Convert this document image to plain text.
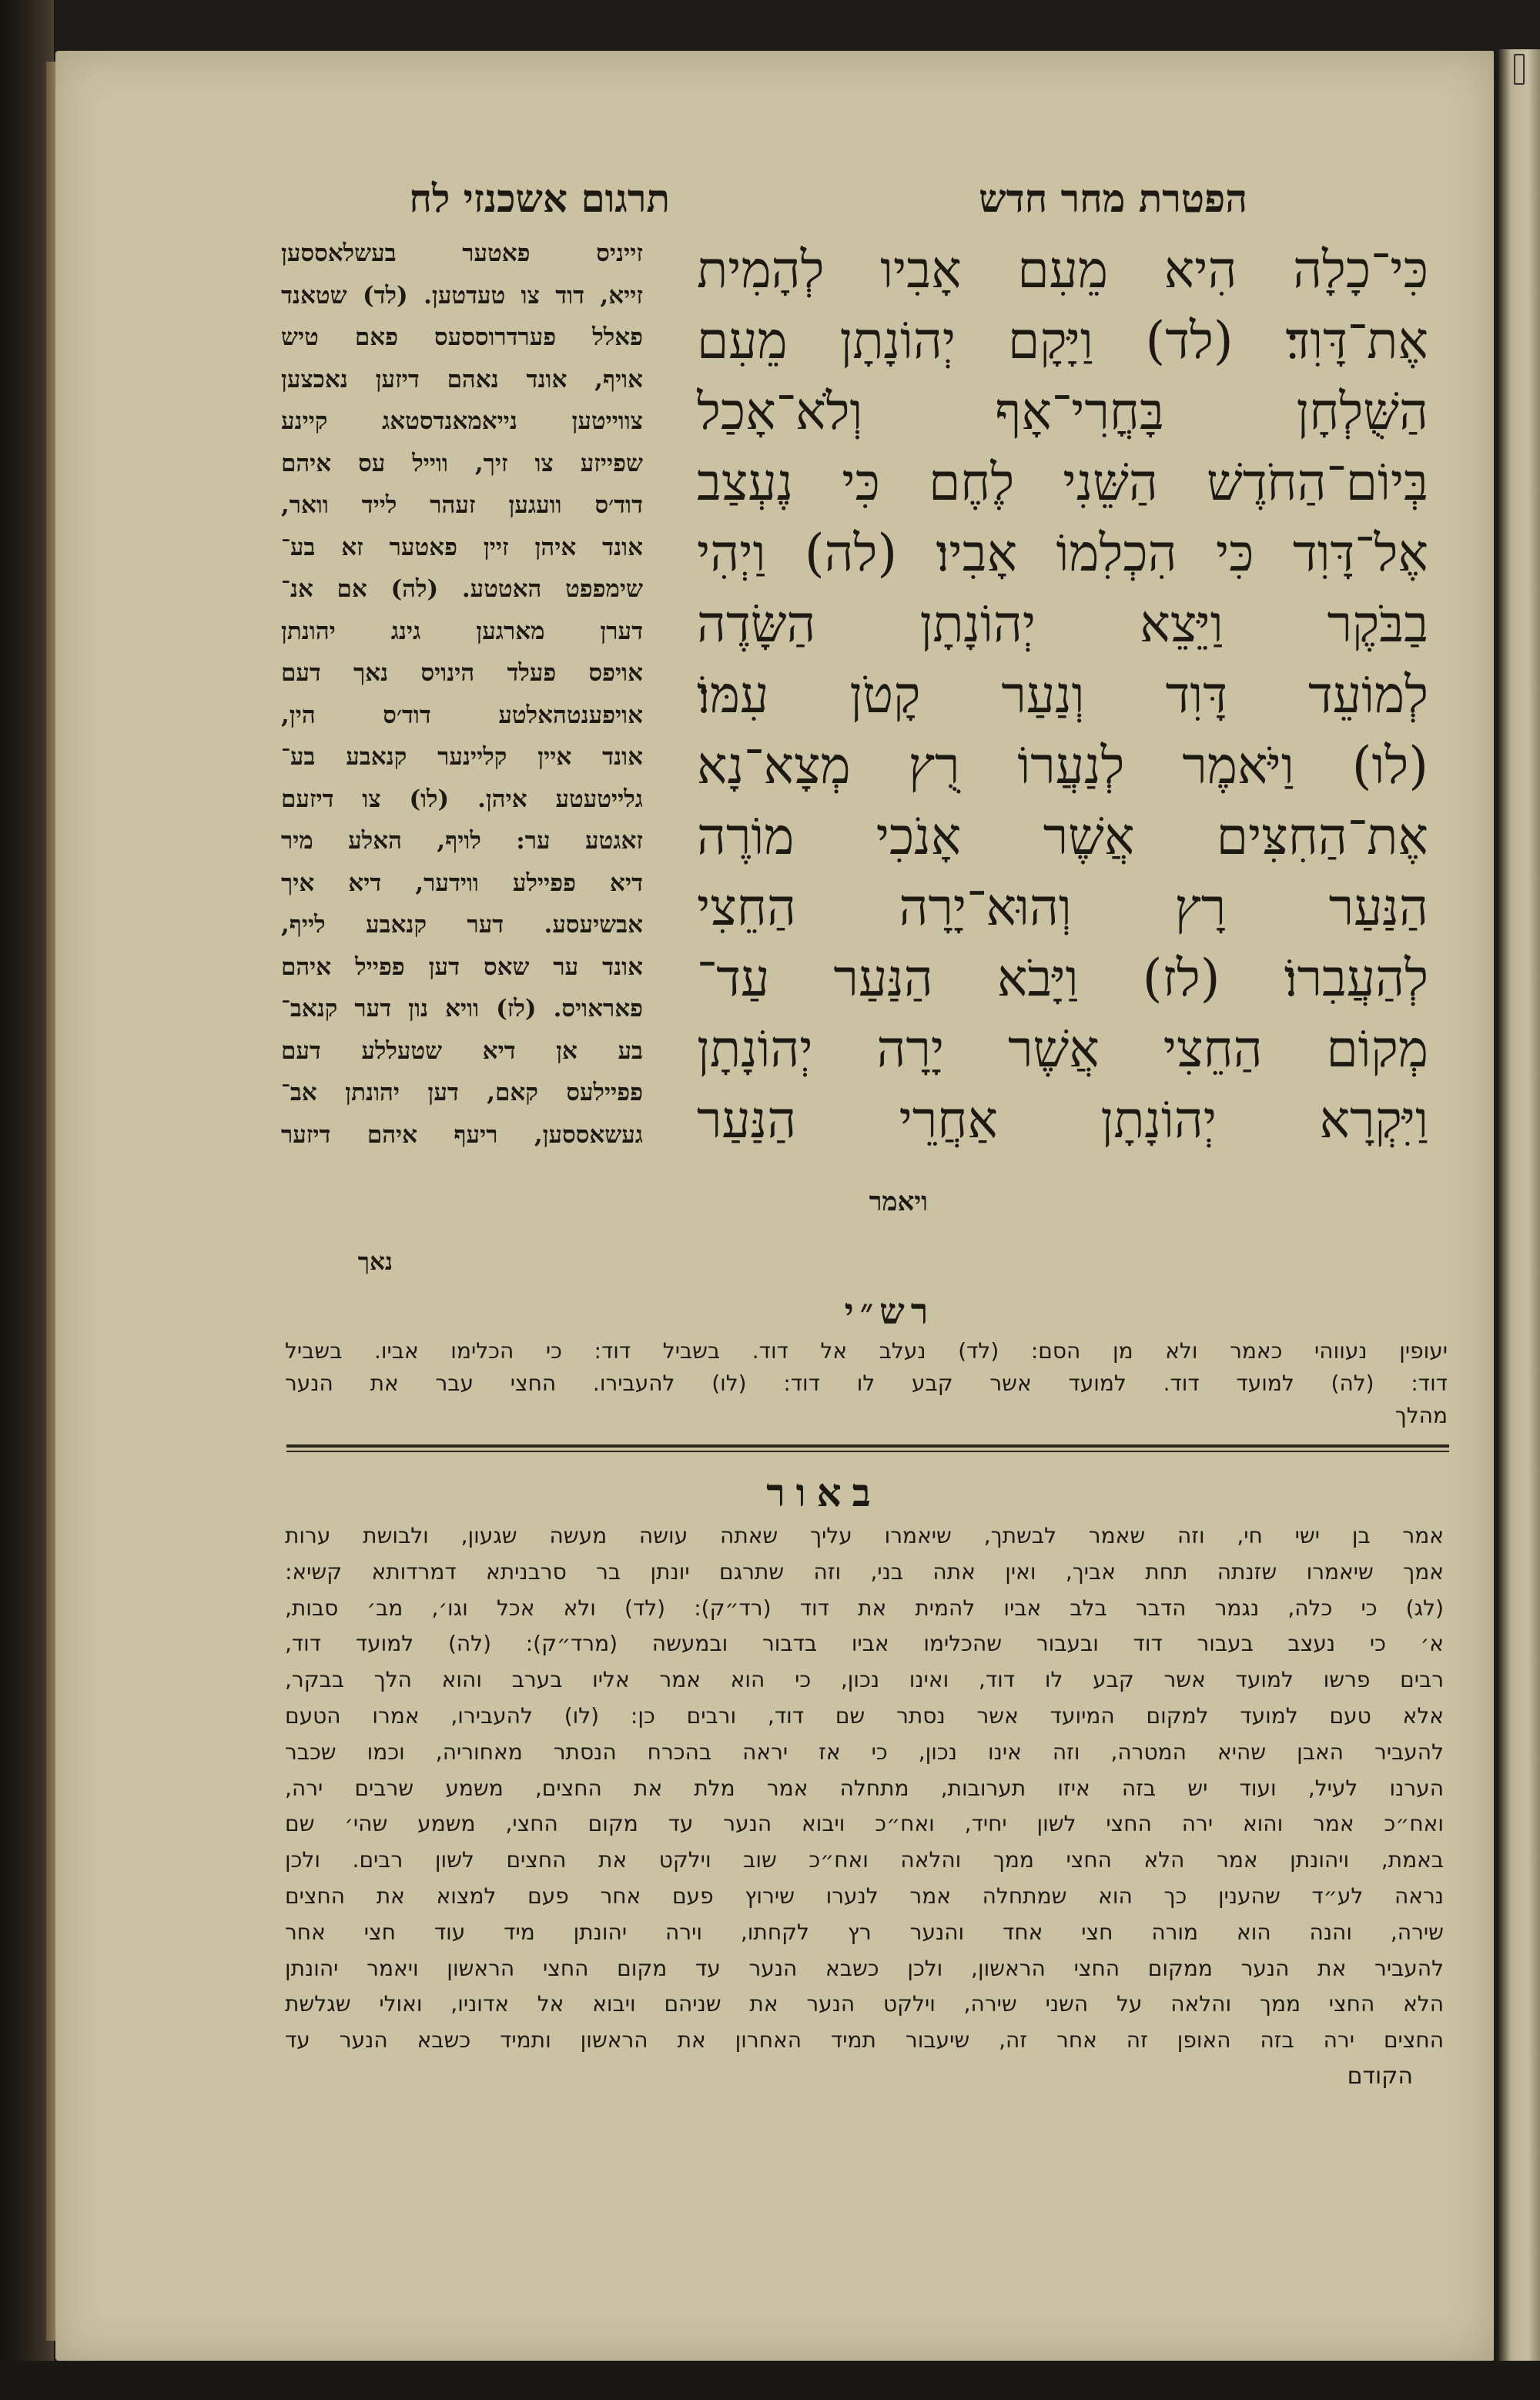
הפטרת מחר חדש
תרגום אשכנזי לח
כִּי־כָלָה הִיא מֵעִם אָבִיו לְהָמִית
אֶת־דָּוִד׃ (לד) וַיָּקָם יְהוֹנָתָן מֵעִם
הַשֻּׁלְחָן בָּחֳרִי־אָף וְלֹא־אָכַל
בְּיוֹם־הַחֹדֶשׁ הַשֵּׁנִי לֶחֶם כִּי נֶעְצַב
אֶל־דָּוִד כִּי הִכְלִמוֹ אָבִיו׃ (לה) וַיְהִי
בַבֹּקֶר וַיֵּצֵא יְהוֹנָתָן הַשָּׂדֶה
לְמוֹעֵד דָּוִד וְנַעַר קָטֹן עִמּוֹ׃
(לו) וַיֹּאמֶר לְנַעֲרוֹ רֻץ מְצָא־נָא
אֶת־הַחִצִּים אֲשֶׁר אָנֹכִי מוֹרֶה
הַנַּעַר רָץ וְהוּא־יָרָה הַחֵצִי
לְהַעֲבִרוֹ׃ (לז) וַיָּבֹא הַנַּעַר עַד־
מְקוֹם הַחֵצִי אֲשֶׁר יָרָה יְהוֹנָתָן
וַיִּקְרָא יְהוֹנָתָן אַחֲרֵי הַנַּעַר
ויאמר
זייניס פאטער בעשלאססען
זייא, דוד צו טעדטען. (לד) שטאנד
פאלל פערדרוססעס פאם טיש
אויף, אונד נאהם דיזען נאכצען
צווייטען נייאמאנדסטאג קיינע
שפייזע צו זיך, ווייל עס איהם
דוד׳ס וועגען זעהר לייד וואר,
אונד איהן זיין פאטער זא בע־
שימפפט האטטע. (לה) אם אנ־
דערן מארגען גינג יהונתן
אויפס פעלד הינויס נאך דעם
אויפענטהאלטע דוד׳ס הין,
אונד איין קליינער קנאבע בע־
גלייטעטע איהן. (לו) צו דיזעם
זאגטע ער: לויף, האלע מיר
דיא פפיילע ווידער, דיא איך
אבשיעסע. דער קנאבע לייף,
אונד ער שאס דען פפייל איהם
פאראויס. (לז) וויא נון דער קנאב־
בע אן דיא שטעללע דעם
פפיילעס קאם, דען יהונתן אב־
געשאססען, ריעף איהם דיזער
נאך
רש״י
יעופין נעווהי כאמר ולא מן הסם: (לד) נעלב אל דוד. בשביל דוד: כי הכלימו אביו. בשביל
דוד: (לה) למועד דוד. למועד אשר קבע לו דוד: (לו) להעבירו. החצי עבר את הנער
מהלך
באור
אמר בן ישי חי, וזה שאמר לבשתך, שיאמרו עליך שאתה עושה מעשה שגעון, ולבושת ערות
אמך שיאמרו שזנתה תחת אביך, ואין אתה בני, וזה שתרגם יונתן בר סרבניתא דמרדותא קשיא:
(לג) כי כלה, נגמר הדבר בלב אביו להמית את דוד (רד״ק): (לד) ולא אכל וגו׳, מב׳ סבות,
א׳ כי נעצב בעבור דוד ובעבור שהכלימו אביו בדבור ובמעשה (מרד״ק): (לה) למועד דוד,
רבים פרשו למועד אשר קבע לו דוד, ואינו נכון, כי הוא אמר אליו בערב והוא הלך בבקר,
אלא טעם למועד למקום המיועד אשר נסתר שם דוד, ורבים כן: (לו) להעבירו, אמרו הטעם
להעביר האבן שהיא המטרה, וזה אינו נכון, כי אז יראה בהכרח הנסתר מאחוריה, וכמו שכבר
הערנו לעיל, ועוד יש בזה איזו תערובות, מתחלה אמר מלת את החצים, משמע שרבים ירה,
ואח״כ אמר והוא ירה החצי לשון יחיד, ואח״כ ויבוא הנער עד מקום החצי, משמע שהי׳ שם
באמת, ויהונתן אמר הלא החצי ממך והלאה ואח״כ שוב וילקט את החצים לשון רבים. ולכן
נראה לע״ד שהענין כך הוא שמתחלה אמר לנערו שירוץ פעם אחר פעם למצוא את החצים
שירה, והנה הוא מורה חצי אחד והנער רץ לקחתו, וירה יהונתן מיד עוד חצי אחר
להעביר את הנער ממקום החצי הראשון, ולכן כשבא הנער עד מקום החצי הראשון ויאמר יהונתן
הלא החצי ממך והלאה על השני שירה, וילקט הנער את שניהם ויבוא אל אדוניו, ואולי שגלשת
החצים ירה בזה האופן זה אחר זה, שיעבור תמיד האחרון את הראשון ותמיד כשבא הנער עד
הקודם
